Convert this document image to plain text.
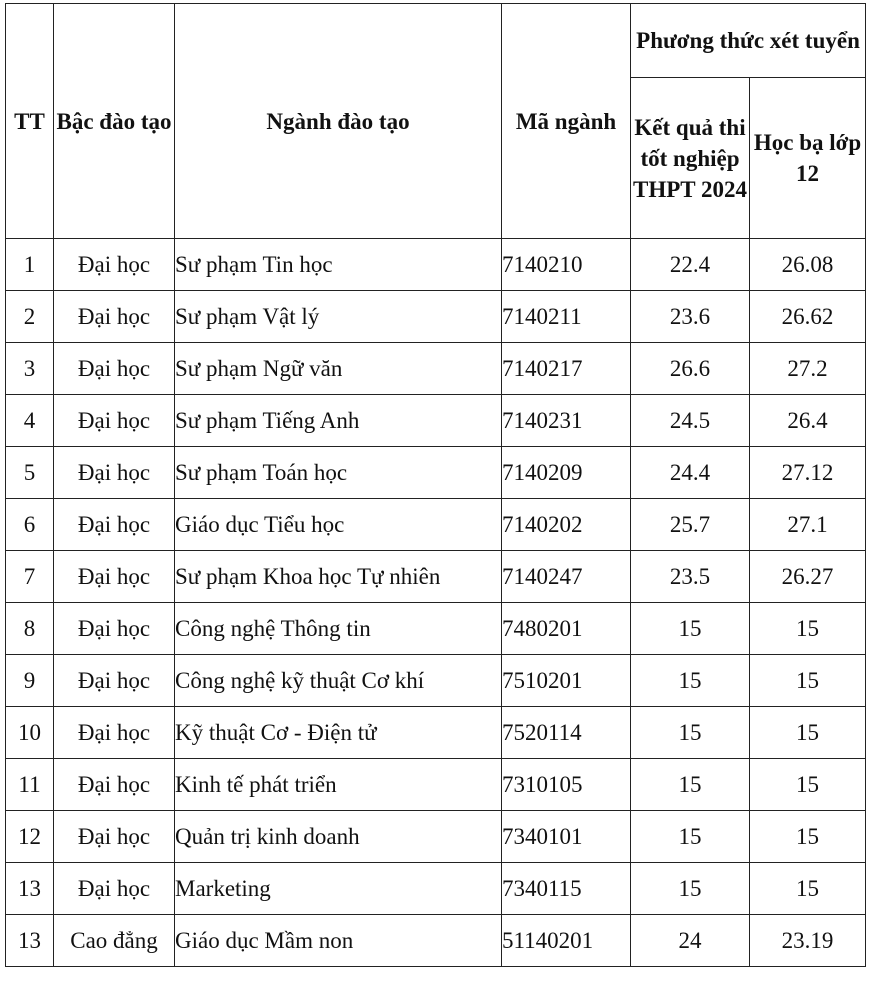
TT	Bậc đào tạo	Ngành đào tạo	Mã ngành	Phương thức xét tuyển	
				Kết quả thi tốt nghiệp THPT 2024	Học bạ lớp 12
1	Đại học	Sư phạm Tin học	7140210	22.4	26.08
2	Đại học	Sư phạm Vật lý	7140211	23.6	26.62
3	Đại học	Sư phạm Ngữ văn	7140217	26.6	27.2
4	Đại học	Sư phạm Tiếng Anh	7140231	24.5	26.4
5	Đại học	Sư phạm Toán học	7140209	24.4	27.12
6	Đại học	Giáo dục Tiểu học	7140202	25.7	27.1
7	Đại học	Sư phạm Khoa học Tự nhiên	7140247	23.5	26.27
8	Đại học	Công nghệ Thông tin	7480201	15	15
9	Đại học	Công nghệ kỹ thuật Cơ khí	7510201	15	15
10	Đại học	Kỹ thuật Cơ - Điện tử	7520114	15	15
11	Đại học	Kinh tế phát triển	7310105	15	15
12	Đại học	Quản trị kinh doanh	7340101	15	15
13	Đại học	Marketing	7340115	15	15
13	Cao đẳng	Giáo dục Mầm non	51140201	24	23.19
